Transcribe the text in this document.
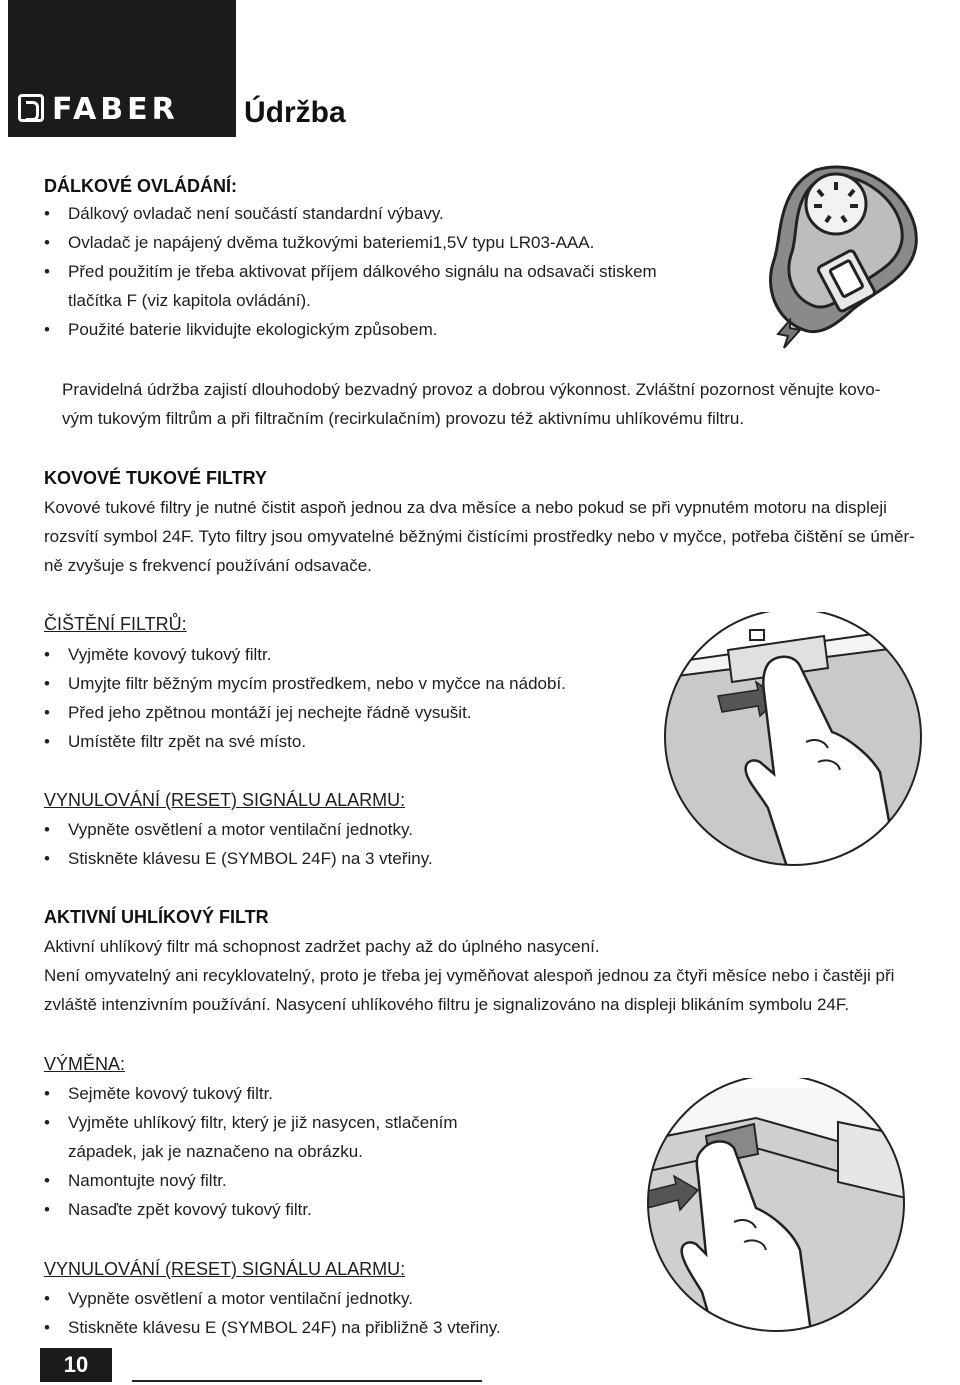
FABER Údržba
DÁLKOVÉ OVLÁDÁNÍ:
• Dálkový ovladač není součástí standardní výbavy.
• Ovladač je napájený dvěma tužkovými bateriemi1,5V typu LR03-AAA.
• Před použitím je třeba aktivovat příjem dálkového signálu na odsavači stiskem
tlačítka F (viz kapitola ovládání).
• Použité baterie likvidujte ekologickým způsobem.
Pravidelná údržba zajistí dlouhodobý bezvadný provoz a dobrou výkonnost. Zvláštní pozornost věnujte kovo-
vým tukovým filtrům a při filtračním (recirkulačním) provozu též aktivnímu uhlíkovému filtru.
KOVOVÉ TUKOVÉ FILTRY
Kovové tukové filtry je nutné čistit aspoň jednou za dva měsíce a nebo pokud se při vypnutém motoru na displeji
rozsvítí symbol 24F. Tyto filtry jsou omyvatelné běžnými čistícími prostředky nebo v myčce, potřeba čištění se úměr-
ně zvyšuje s frekvencí používání odsavače.
ČIŠTĚNÍ FILTRŮ:
• Vyjměte kovový tukový filtr.
• Umyjte filtr běžným mycím prostředkem, nebo v myčce na nádobí.
• Před jeho zpětnou montáží jej nechejte řádně vysušit.
• Umístěte filtr zpět na své místo.
VYNULOVÁNÍ (RESET) SIGNÁLU ALARMU:
• Vypněte osvětlení a motor ventilační jednotky.
• Stiskněte klávesu E (SYMBOL 24F) na 3 vteřiny.
AKTIVNÍ UHLÍKOVÝ FILTR
Aktivní uhlíkový filtr má schopnost zadržet pachy až do úplného nasycení.
Není omyvatelný ani recyklovatelný, proto je třeba jej vyměňovat alespoň jednou za čtyři měsíce nebo i častěji při
zvláště intenzivním používání. Nasycení uhlíkového filtru je signalizováno na displeji blikáním symbolu 24F.
VÝMĚNA:
• Sejměte kovový tukový filtr.
• Vyjměte uhlíkový filtr, který je již nasycen, stlačením
západek, jak je naznačeno na obrázku.
• Namontujte nový filtr.
• Nasaďte zpět kovový tukový filtr.
VYNULOVÁNÍ (RESET) SIGNÁLU ALARMU:
• Vypněte osvětlení a motor ventilační jednotky.
• Stiskněte klávesu E (SYMBOL 24F) na přibližně 3 vteřiny.
10
